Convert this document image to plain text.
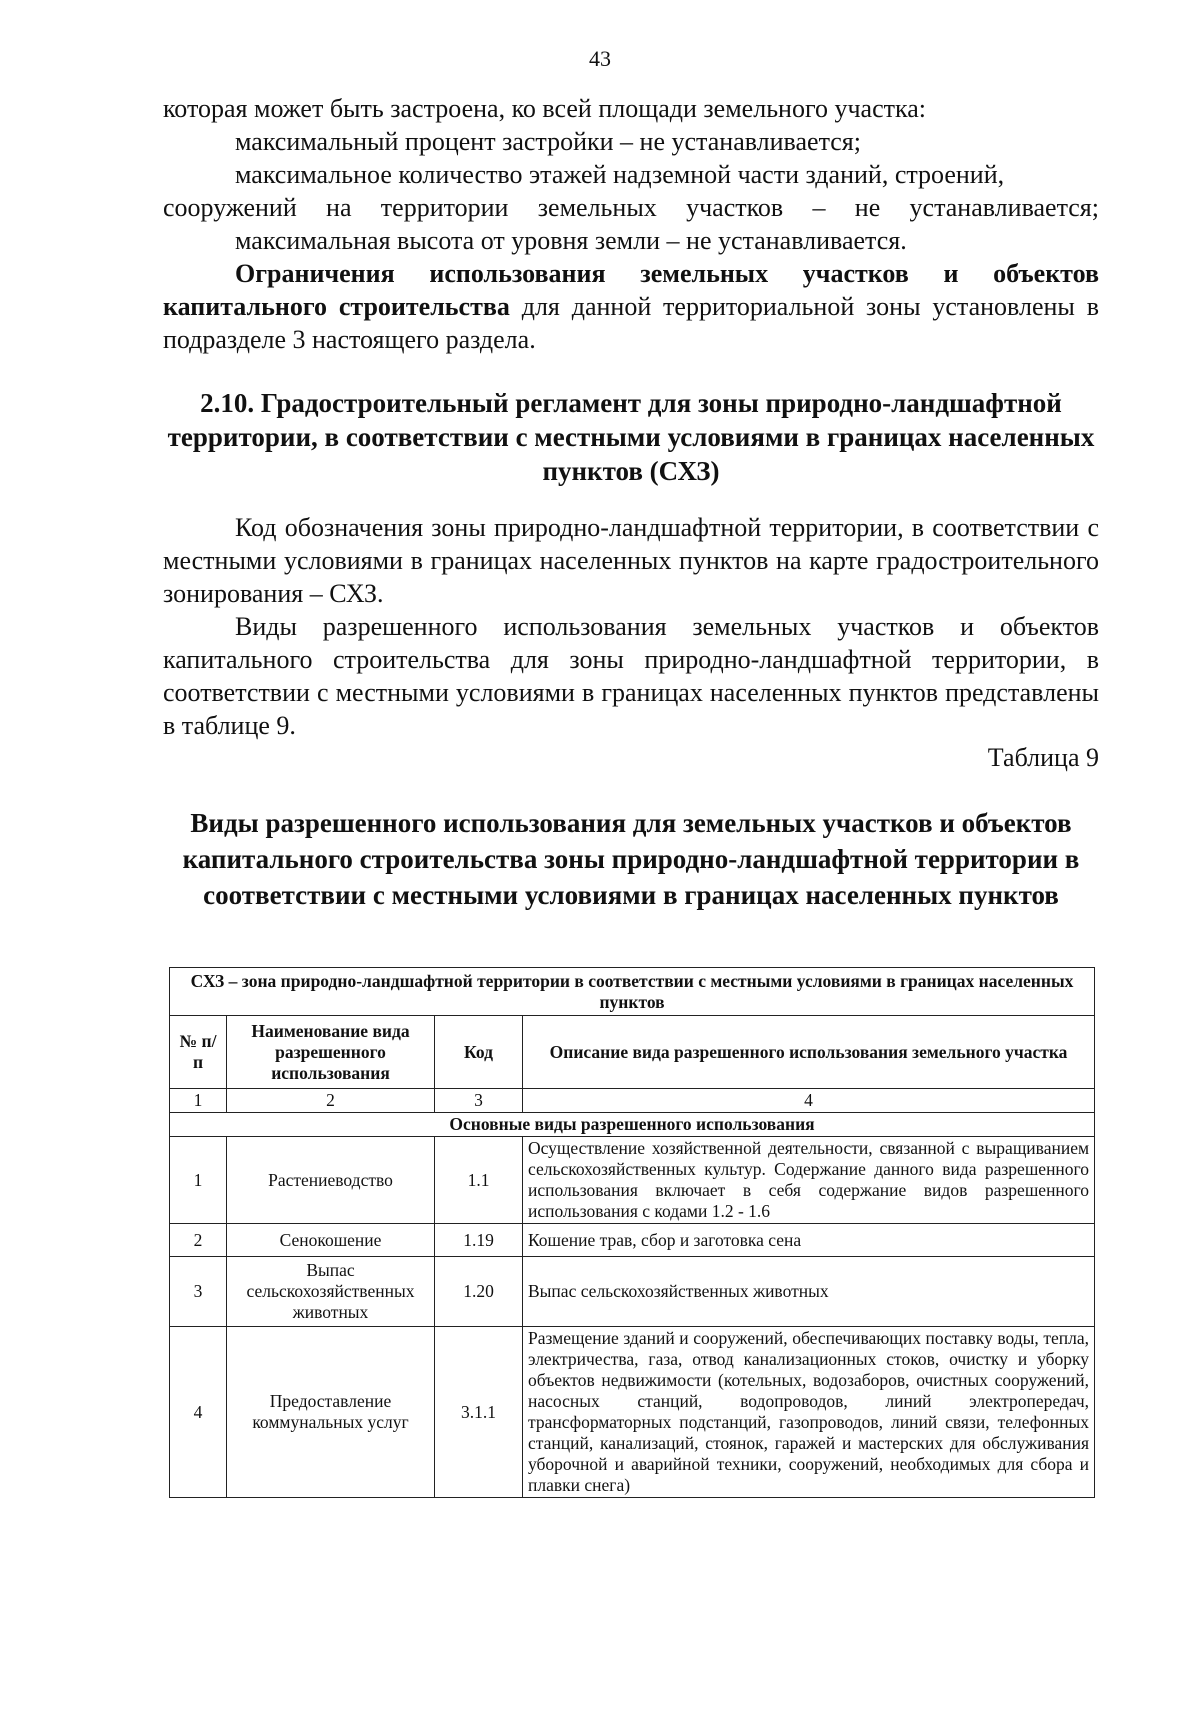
43
которая может быть застроена, ко всей площади земельного участка:
максимальный процент застройки – не устанавливается;
максимальное количество этажей надземной части зданий, строений, сооружений на территории земельных участков – не устанавливается;
максимальная высота от уровня земли – не устанавливается.
Ограничения использования земельных участков и объектов капитального строительства для данной территориальной зоны установлены в подразделе 3 настоящего раздела.
2.10. Градостроительный регламент для зоны природно-ландшафтной территории, в соответствии с местными условиями в границах населенных пунктов (СХЗ)
Код обозначения зоны природно-ландшафтной территории, в соответствии с местными условиями в границах населенных пунктов на карте градостроительного зонирования – СХЗ.
Виды разрешенного использования земельных участков и объектов капитального строительства для зоны природно-ландшафтной территории, в соответствии с местными условиями в границах населенных пунктов представлены в таблице 9.
Таблица 9
Виды разрешенного использования для земельных участков и объектов капитального строительства зоны природно-ландшафтной территории в соответствии с местными условиями в границах населенных пунктов
СХЗ – зона природно-ландшафтной территории в соответствии с местными условиями в границах населенных пунктов			
№ п/п	Наименование вида разрешенного использования	Код	Описание вида разрешенного использования земельного участка
1	2	3	4
Основные виды разрешенного использования			
1	Растениеводство	1.1	Осуществление хозяйственной деятельности, связанной с выращиванием сельскохозяйственных культур. Содержание данного вида разрешенного использования включает в себя содержание видов разрешенного использования с кодами 1.2 - 1.6
2	Сенокошение	1.19	Кошение трав, сбор и заготовка сена
3	Выпас сельскохозяйственных животных	1.20	Выпас сельскохозяйственных животных
4	Предоставление коммунальных услуг	3.1.1	Размещение зданий и сооружений, обеспечивающих поставку воды, тепла, электричества, газа, отвод канализационных стоков, очистку и уборку объектов недвижимости (котельных, водозаборов, очистных сооружений, насосных станций, водопроводов, линий электропередач, трансформаторных подстанций, газопроводов, линий связи, телефонных станций, канализаций, стоянок, гаражей и мастерских для обслуживания уборочной и аварийной техники, сооружений, необходимых для сбора и плавки снега)
